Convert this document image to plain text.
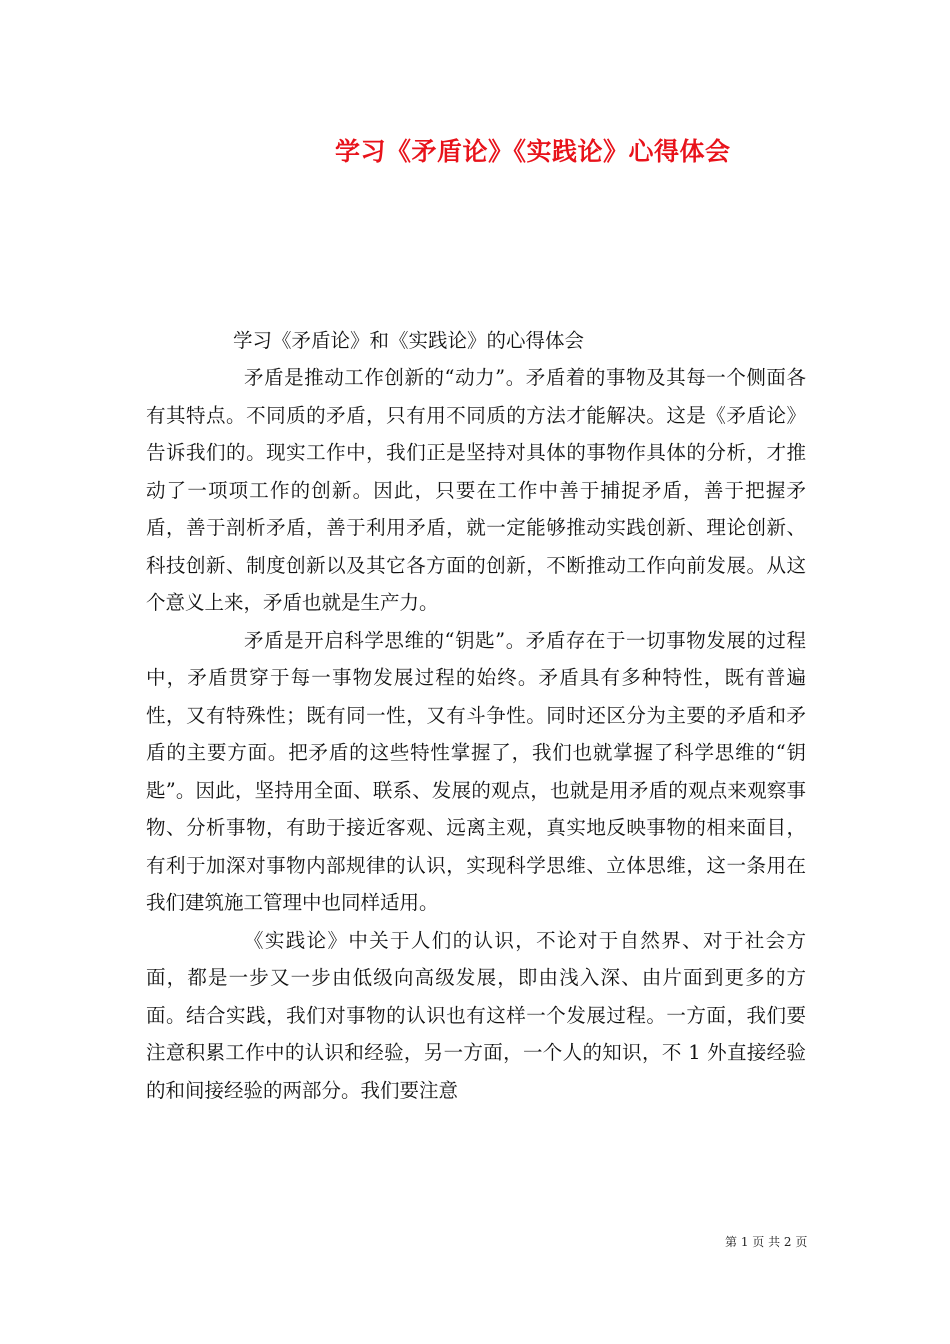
学习《矛盾论》《实践论》心得体会
学习《矛盾论》和《实践论》的心得体会

矛盾是推动工作创新的“动力”。矛盾着的事物及其每一个侧面各有其特点。不同质的矛盾，只有用不同质的方法才能解决。这是《矛盾论》告诉我们的。现实工作中，我们正是坚持对具体的事物作具体的分析，才推动了一项项工作的创新。因此，只要在工作中善于捕捉矛盾，善于把握矛盾，善于剖析矛盾，善于利用矛盾，就一定能够推动实践创新、理论创新、科技创新、制度创新以及其它各方面的创新，不断推动工作向前发展。从这个意义上来，矛盾也就是生产力。

矛盾是开启科学思维的“钥匙”。矛盾存在于一切事物发展的过程中，矛盾贯穿于每一事物发展过程的始终。矛盾具有多种特性，既有普遍性，又有特殊性；既有同一性，又有斗争性。同时还区分为主要的矛盾和矛盾的主要方面。把矛盾的这些特性掌握了，我们也就掌握了科学思维的“钥匙”。因此，坚持用全面、联系、发展的观点，也就是用矛盾的观点来观察事物、分析事物，有助于接近客观、远离主观，真实地反映事物的相来面目，有利于加深对事物内部规律的认识，实现科学思维、立体思维，这一条用在我们建筑施工管理中也同样适用。

《实践论》中关于人们的认识，不论对于自然界、对于社会方面，都是一步又一步由低级向高级发展，即由浅入深、由片面到更多的方面。结合实践，我们对事物的认识也有这样一个发展过程。一方面，我们要注意积累工作中的认识和经验，另一方面，一个人的知识，不 1 外直接经验的和间接经验的两部分。我们要注意

第 1 页 共 2 页
